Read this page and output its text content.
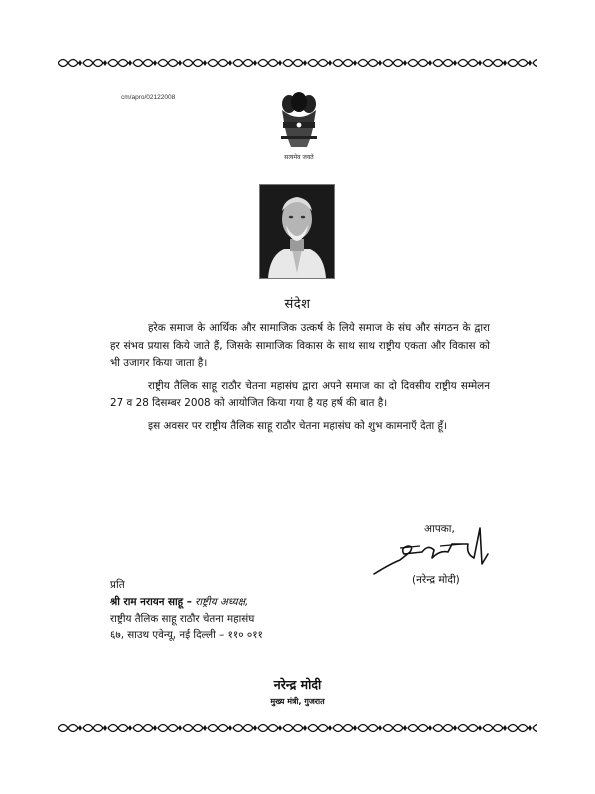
cm/apro/02122008
सत्यमेव जयते
संदेश

हरेक समाज के आर्थिक और सामाजिक उत्कर्ष के लिये समाज के संघ और संगठन के द्वारा हर संभव प्रयास किये जाते हैं, जिसके सामाजिक विकास के साथ साथ राष्ट्रीय एकता और विकास को भी उजागर किया जाता है।

राष्ट्रीय तैलिक साहू राठौर चेतना महासंघ द्वारा अपने समाज का दो दिवसीय राष्ट्रीय सम्मेलन 27 व 28 दिसम्बर 2008 को आयोजित किया गया है यह हर्ष की बात है।

इस अवसर पर राष्ट्रीय तैलिक साहू राठौर चेतना महासंघ को शुभ कामनाएँ देता हूँ।

आपका,
(नरेन्द्र मोदी)
प्रति
श्री राम नरायन साहू – राष्ट्रीय अध्यक्ष,
राष्ट्रीय तैलिक साहू राठौर चेतना महासंघ
६७, साउथ एवेन्यू, नई दिल्ली – ११० ०११
नरेन्द्र मोदी
मुख्य मंत्री, गुजरात
